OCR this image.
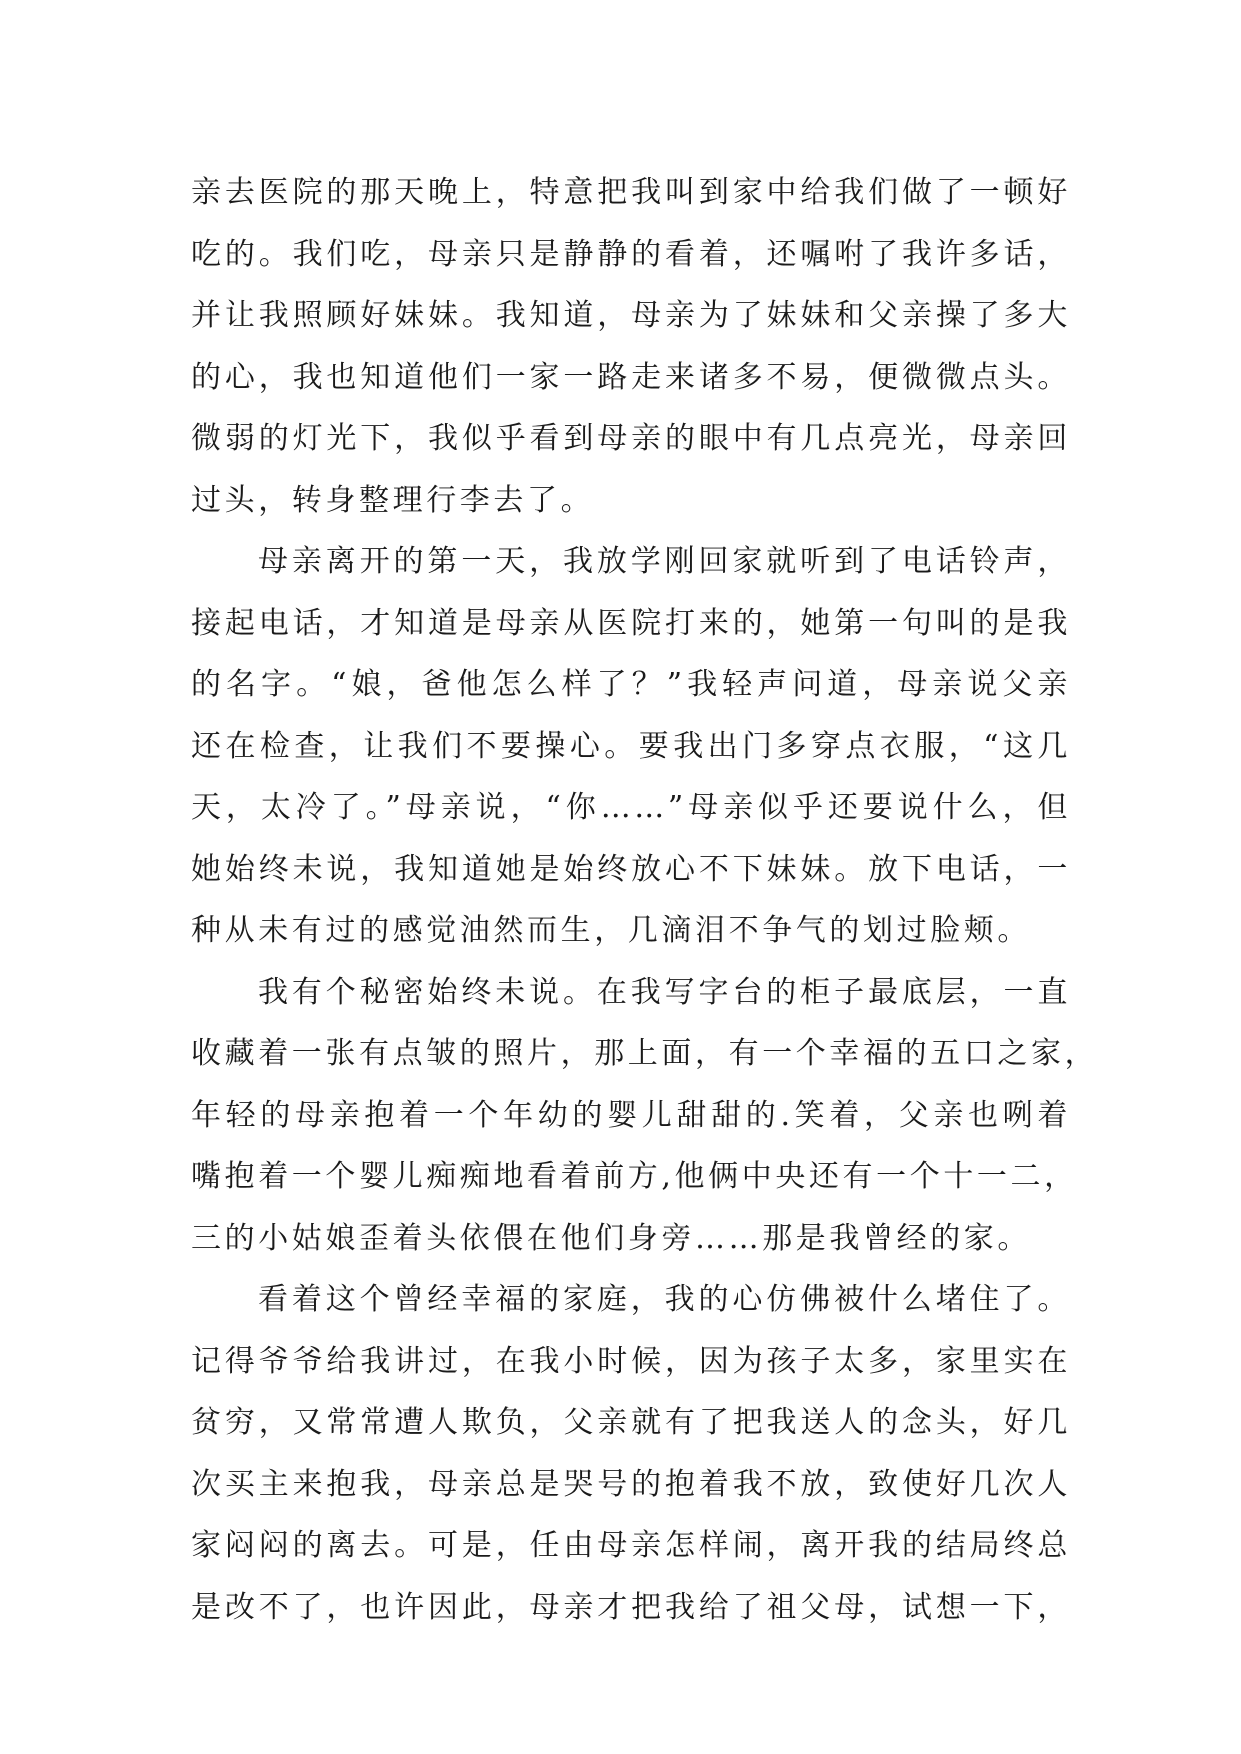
亲去医院的那天晚上，特意把我叫到家中给我们做了一顿好
吃的。我们吃，母亲只是静静的看着，还嘱咐了我许多话，
并让我照顾好妹妹。我知道，母亲为了妹妹和父亲操了多大
的心，我也知道他们一家一路走来诸多不易，便微微点头。
微弱的灯光下，我似乎看到母亲的眼中有几点亮光，母亲回
过头，转身整理行李去了。
母亲离开的第一天，我放学刚回家就听到了电话铃声，
接起电话，才知道是母亲从医院打来的，她第一句叫的是我
的名字。“娘，爸他怎么样了？”我轻声问道，母亲说父亲
还在检查，让我们不要操心。要我出门多穿点衣服，“这几
天，太冷了。”母亲说，“你……”母亲似乎还要说什么，但
她始终未说，我知道她是始终放心不下妹妹。放下电话，一
种从未有过的感觉油然而生，几滴泪不争气的划过脸颊。
我有个秘密始终未说。在我写字台的柜子最底层，一直
收藏着一张有点皱的照片，那上面，有一个幸福的五口之家，
年轻的母亲抱着一个年幼的婴儿甜甜的.笑着，父亲也咧着
嘴抱着一个婴儿痴痴地看着前方,他俩中央还有一个十一二，
三的小姑娘歪着头依偎在他们身旁……那是我曾经的家。
看着这个曾经幸福的家庭，我的心仿佛被什么堵住了。
记得爷爷给我讲过，在我小时候，因为孩子太多，家里实在
贫穷，又常常遭人欺负，父亲就有了把我送人的念头，好几
次买主来抱我，母亲总是哭号的抱着我不放，致使好几次人
家闷闷的离去。可是，任由母亲怎样闹，离开我的结局终总
是改不了，也许因此，母亲才把我给了祖父母，试想一下，
